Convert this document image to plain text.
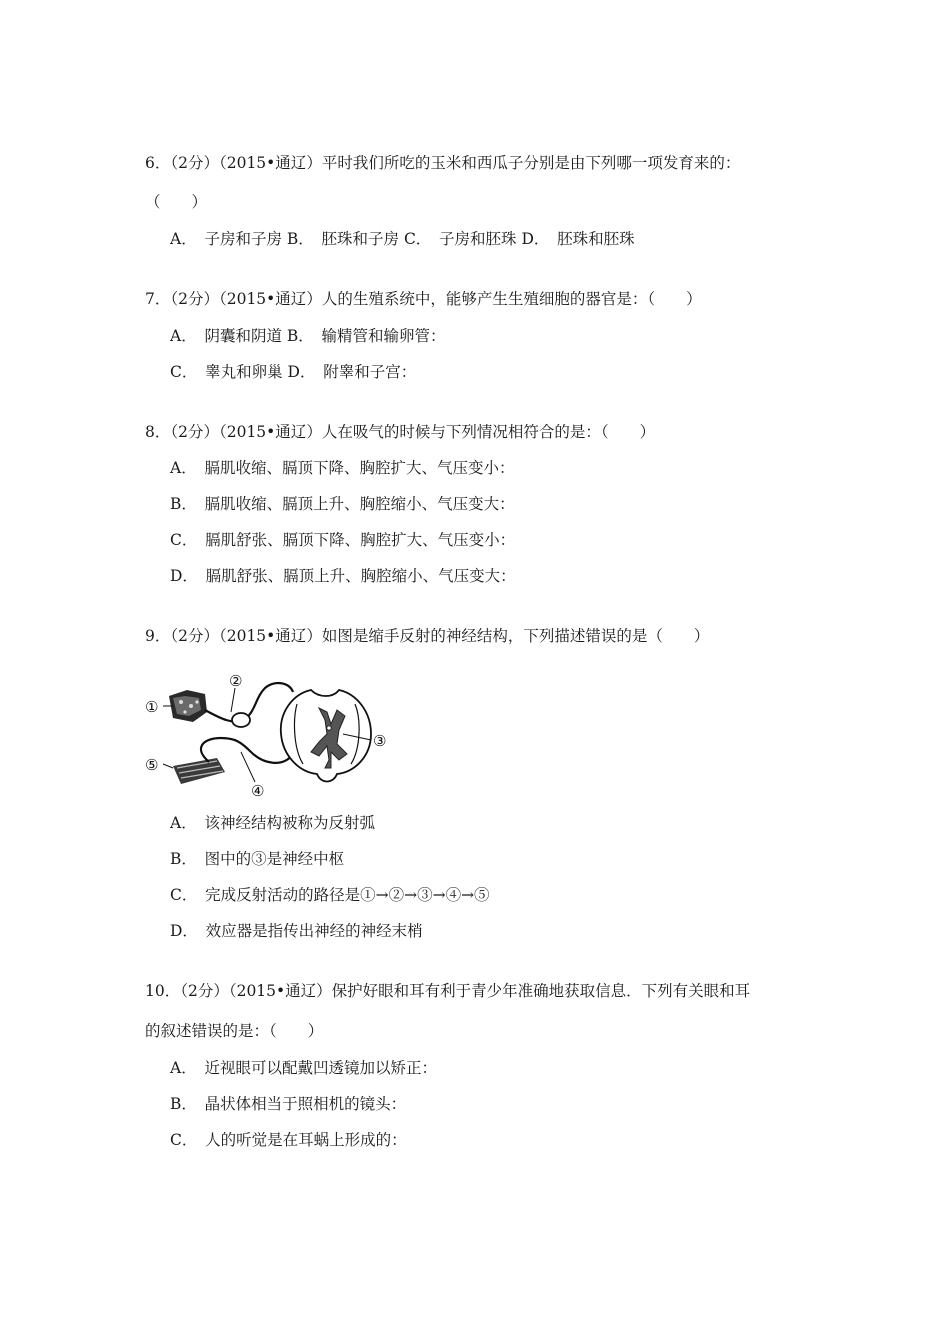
6．（2分）（2015•通辽）平时我们所吃的玉米和西瓜子分别是由下列哪一项发育来的：
（　　）
A．　子房和子房 B．　胚珠和子房 C．　子房和胚珠 D．　胚珠和胚珠
7．（2分）（2015•通辽）人的生殖系统中，能够产生生殖细胞的器官是：（　　）
A．　阴囊和阴道 B．　输精管和输卵管：
C．　睾丸和卵巢 D．　附睾和子宫：
8．（2分）（2015•通辽）人在吸气的时候与下列情况相符合的是：（　　）
A．　膈肌收缩、膈顶下降、胸腔扩大、气压变小：
B．　膈肌收缩、膈顶上升、胸腔缩小、气压变大：
C．　膈肌舒张、膈顶下降、胸腔扩大、气压变小：
D．　膈肌舒张、膈顶上升、胸腔缩小、气压变大：
9．（2分）（2015•通辽）如图是缩手反射的神经结构，下列描述错误的是（　　）
①
②
③
④
⑤
A．　该神经结构被称为反射弧
B．　图中的③是神经中枢
C．　完成反射活动的路径是①→②→③→④→⑤
D．　效应器是指传出神经的神经末梢
10．（2分）（2015•通辽）保护好眼和耳有利于青少年准确地获取信息．下列有关眼和耳
的叙述错误的是：（　　）
A．　近视眼可以配戴凹透镜加以矫正：
B．　晶状体相当于照相机的镜头：
C．　人的听觉是在耳蜗上形成的：
